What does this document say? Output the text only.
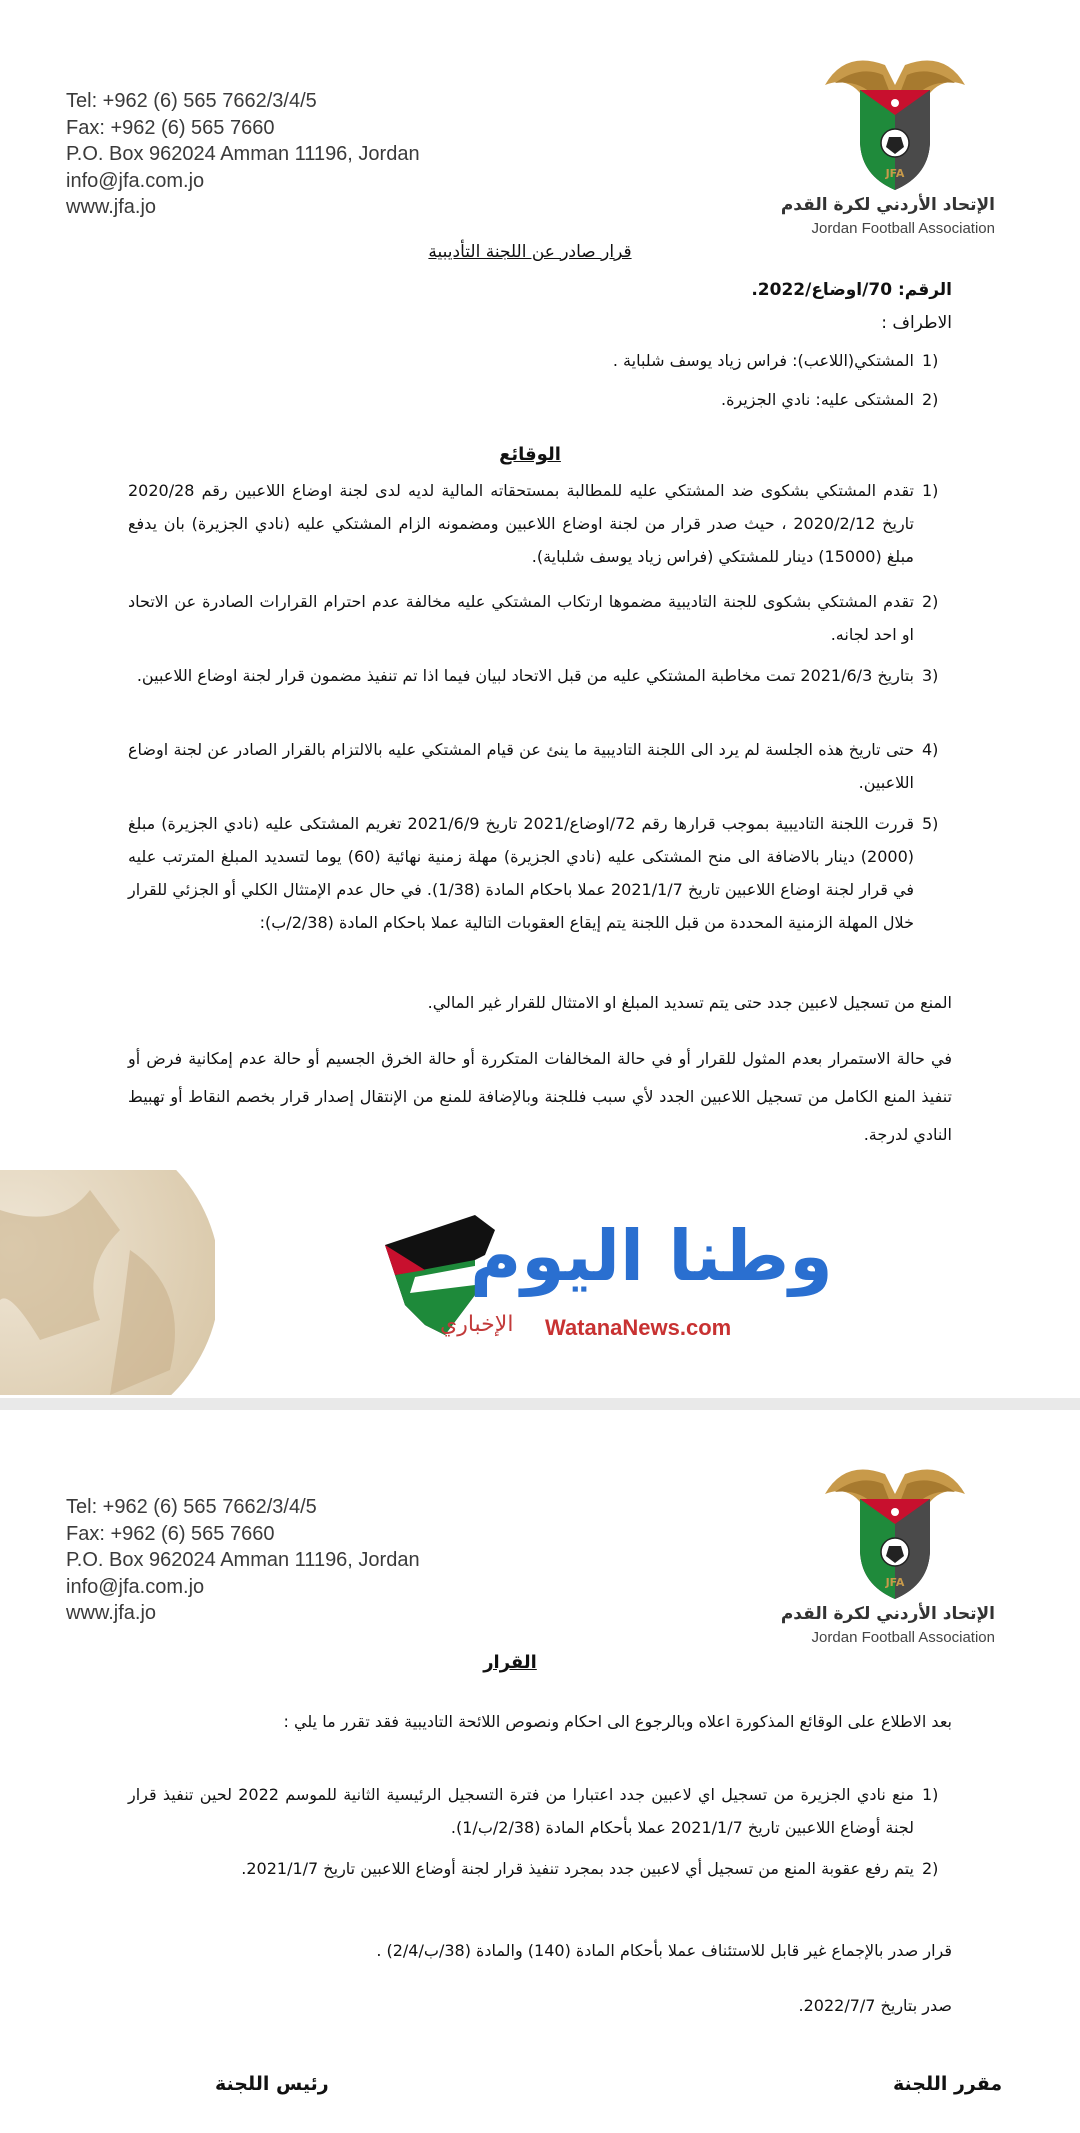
Tel: +962 (6) 565 7662/3/4/5
Fax: +962 (6) 565 7660
P.O. Box 962024 Amman 11196, Jordan
info@jfa.com.jo
www.jfa.jo
JFA
الإتحاد الأردني لكرة القدم
Jordan Football Association
قرار صادر عن اللجنة التأديبية
الرقم: 70/اوضاع/2022.
الاطراف :
1)
المشتكي(اللاعب): فراس زياد يوسف شلباية .
2)
المشتكى عليه: نادي الجزيرة.
الوقائع
1)
تقدم المشتكي بشكوى ضد المشتكي عليه للمطالبة بمستحقاته المالية لديه لدى لجنة اوضاع اللاعبين رقم 2020/28 تاريخ 2020/2/12 ، حيث صدر قرار من لجنة اوضاع اللاعبين ومضمونه الزام المشتكي عليه (نادي الجزيرة) بان يدفع مبلغ (15000) دينار للمشتكي (فراس زياد يوسف شلباية).
2)
تقدم المشتكي بشكوى للجنة التاديبية مضموها ارتكاب المشتكي عليه مخالفة عدم احترام القرارات الصادرة عن الاتحاد او احد لجانه.
3)
بتاريخ 2021/6/3 تمت مخاطبة المشتكي عليه من قبل الاتحاد لبيان فيما اذا تم تنفيذ مضمون قرار لجنة اوضاع اللاعبين.
4)
حتى تاريخ هذه الجلسة لم يرد الى اللجنة التاديبية ما ينئ عن قيام المشتكي عليه بالالتزام بالقرار الصادر عن لجنة اوضاع اللاعبين.
5)
قررت اللجنة التاديبية بموجب قرارها رقم 72/اوضاع/2021 تاريخ 2021/6/9 تغريم المشتكى عليه (نادي الجزيرة) مبلغ (2000) دينار بالاضافة الى منح المشتكى عليه (نادي الجزيرة) مهلة زمنية نهائية (60) يوما لتسديد المبلغ المترتب عليه في قرار لجنة اوضاع اللاعبين تاريخ 2021/1/7 عملا باحكام المادة (1/38). في حال عدم الإمتثال الكلي أو الجزئي للقرار خلال المهلة الزمنية المحددة من قبل اللجنة يتم إيقاع العقوبات التالية عملا باحكام المادة (2/38/ب):
المنع من تسجيل لاعبين جدد حتى يتم تسديد المبلغ او الامتثال للقرار غير المالي.
في حالة الاستمرار بعدم المثول للقرار أو في حالة المخالفات المتكررة أو حالة الخرق الجسيم أو حالة عدم إمكانية فرض أو تنفيذ المنع الكامل من تسجيل اللاعبين الجدد لأي سبب فللجنة وبالإضافة للمنع من الإنتقال إصدار قرار بخصم النقاط أو تهبيط النادي لدرجة.
وطنا اليوم
الإخباري WatanaNews.com
Tel: +962 (6) 565 7662/3/4/5
Fax: +962 (6) 565 7660
P.O. Box 962024 Amman 11196, Jordan
info@jfa.com.jo
www.jfa.jo
JFA
الإتحاد الأردني لكرة القدم
Jordan Football Association
القرار
بعد الاطلاع على الوقائع المذكورة اعلاه وبالرجوع الى احكام ونصوص اللائحة التاديبية فقد تقرر ما يلي :
1)
منع نادي الجزيرة من تسجيل اي لاعبين جدد اعتبارا من فترة التسجيل الرئيسية الثانية للموسم 2022 لحين تنفيذ قرار لجنة أوضاع اللاعبين تاريخ 2021/1/7 عملا بأحكام المادة (2/38/ب/1).
2)
يتم رفع عقوبة المنع من تسجيل أي لاعبين جدد بمجرد تنفيذ قرار لجنة أوضاع اللاعبين تاريخ 2021/1/7.
قرار صدر بالإجماع غير قابل للاستئناف عملا بأحكام المادة (140) والمادة (38/ب/2/4) .
صدر بتاريخ 2022/7/7.
مقرر اللجنة
رئيس اللجنة
